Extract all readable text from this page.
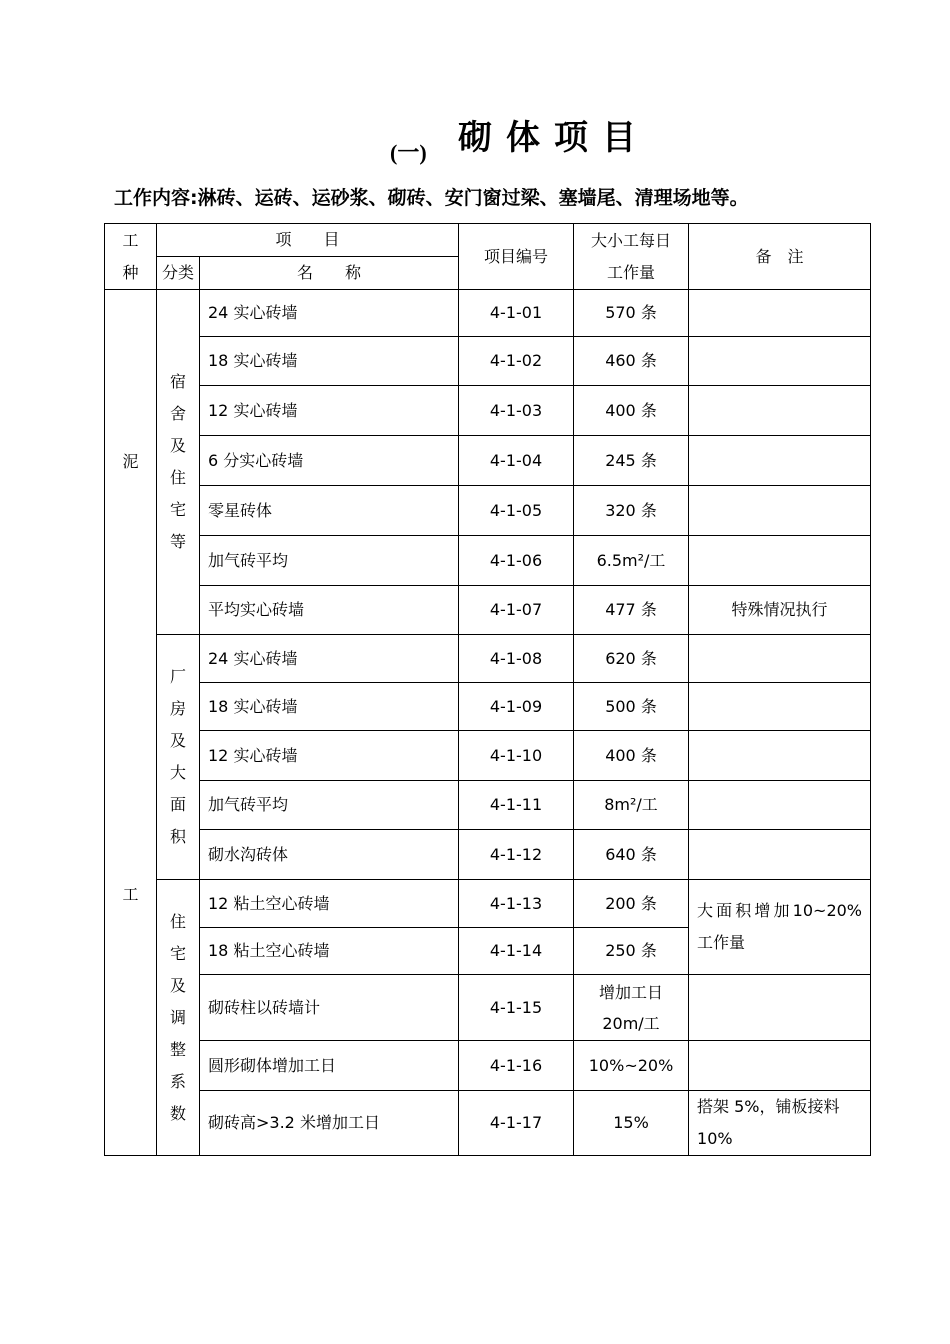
(一) 砌体项目
工作内容:淋砖、运砖、运砂浆、砌砖、安门窗过梁、塞墙尾、清理场地等。
工种	项　　目		项目编号	大小工每日工作量	备　注
	分类	名　　称			
泥	宿舍及住宅等	24 实心砖墙	4-1-01	570 条	
		18 实心砖墙	4-1-02	460 条	
		12 实心砖墙	4-1-03	400 条	
		6 分实心砖墙	4-1-04	245 条	
		零星砖体	4-1-05	320 条	
		加气砖平均	4-1-06	6.5m²/工	
		平均实心砖墙	4-1-07	477 条	特殊情况执行
工	厂房及大面积	24 实心砖墙	4-1-08	620 条	
		18 实心砖墙	4-1-09	500 条	
		12 实心砖墙	4-1-10	400 条	
		加气砖平均	4-1-11	8m²/工	
		砌水沟砖体	4-1-12	640 条	
	住宅及调整系数	12 粘土空心砖墙	4-1-13	200 条	大面积增加10~20%工作量

		18 粘土空心砖墙	4-1-14	250 条	
		砌砖柱以砖墙计	4-1-15	增加工日20m/工	

		圆形砌体增加工日	4-1-16	10%~20%	
		砌砖高>3.2 米增加工日	4-1-17	15%	搭架 5%，铺板接料10%
